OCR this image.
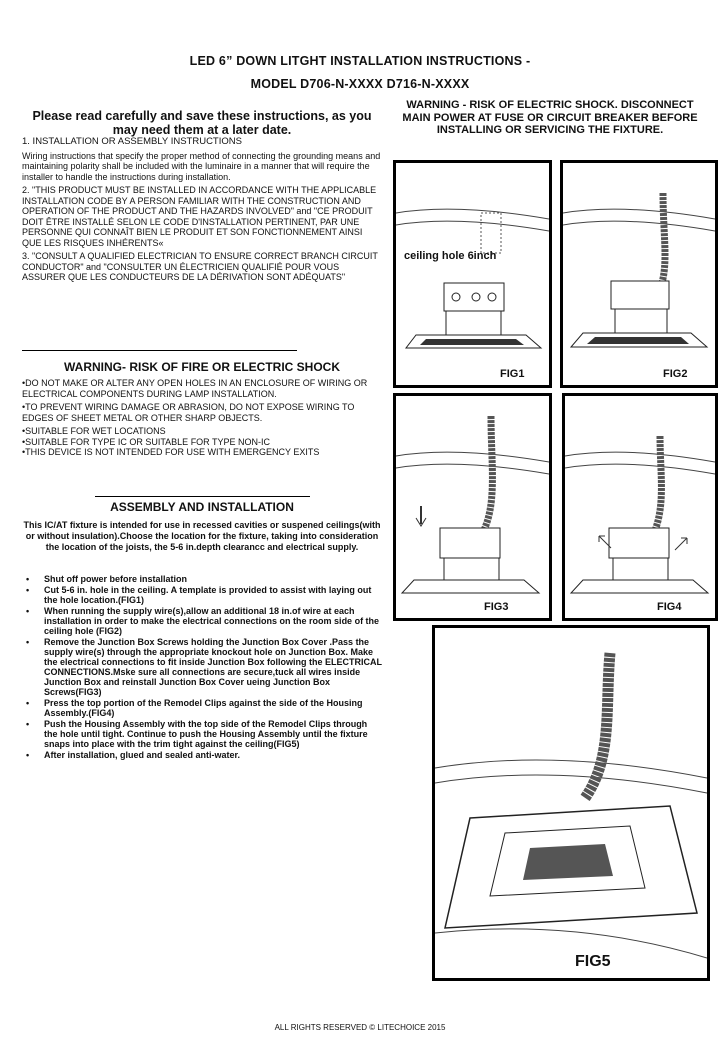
LED 6” DOWN LITGHT INSTALLATION INSTRUCTIONS -
MODEL D706-N-XXXX D716-N-XXXX
Please read carefully and save these instructions, as you may need them at a later date.

1. INSTALLATION OR ASSEMBLY INSTRUCTIONS

Wiring instructions that specify the proper method of connecting the grounding means and maintaining polarity shall be included with the luminaire in a manner that will require the installer to handle the instructions during installation.

2. "THIS PRODUCT MUST BE INSTALLED IN ACCORDANCE WITH THE APPLICABLE INSTALLATION CODE BY A PERSON FAMILIAR WITH THE CONSTRUCTION AND OPERATION OF THE PRODUCT AND THE HAZARDS INVOLVED" and "CE PRODUIT DOIT ÊTRE INSTALLÉ SELON LE CODE D'INSTALLATION PERTINENT, PAR UNE PERSONNE QUI CONNAÎT BIEN LE PRODUIT ET SON FONCTIONNEMENT AINSI QUE LES RISQUES INHÉRENTS«

3. "CONSULT A QUALIFIED ELECTRICIAN TO ENSURE CORRECT BRANCH CIRCUIT CONDUCTOR" and "CONSULTER UN ÉLECTRICIEN QUALIFIÉ POUR VOUS ASSURER QUE LES CONDUCTEURS DE LA DÉRIVATION SONT ADÉQUATS"

WARNING- RISK OF FIRE OR ELECTRIC SHOCK

•DO NOT MAKE OR ALTER ANY OPEN HOLES IN AN ENCLOSURE OF WIRING OR ELECTRICAL COMPONENTS DURING LAMP INSTALLATION.

•TO PREVENT WIRING DAMAGE OR ABRASION, DO NOT EXPOSE WIRING TO EDGES OF SHEET METAL OR OTHER SHARP OBJECTS.

•SUITABLE FOR WET LOCATIONS

•SUITABLE FOR TYPE IC OR SUITABLE FOR TYPE NON-IC

•THIS DEVICE IS NOT INTENDED FOR USE WITH EMERGENCY EXITS

ASSEMBLY AND INSTALLATION
This IC/AT fixture is intended for use in recessed cavities or suspened ceilings(with or without insulation).Choose the location for the fixture, taking into consideration the location of the joists, the 5-6 in.depth clearancc and electrical supply.
• Shut off power before installation
• Cut 5-6 in. hole in the ceiling. A template is provided to assist with laying out the hole location.(FIG1)
• When running the supply wire(s),allow an additional 18 in.of wire at each installation in order to make the electrical connections on the room side of the ceiling hole (FIG2)
• Remove the Junction Box Screws holding the Junction Box Cover .Pass the supply wire(s) through the appropriate knockout hole on Junction Box. Make the electrical connections to fit inside Junction Box following the ELECTRICAL CONNECTIONS.Mske sure all connections are secure,tuck all wires inside Junction Box and reinstall Junction Box Cover ueing Junction Box Screws(FIG3)
• Press the top portion of the Remodel Clips against the side of the Housing Assembly.(FIG4)
• Push the Housing Assembly with the top side of the Remodel Clips through the hole until tight. Continue to push the Housing Assembly until the fixture snaps into place with the trim tight against the ceiling(FIG5)
• After installation, glued and sealed anti-water.
WARNING - RISK OF ELECTRIC SHOCK. DISCONNECT MAIN POWER AT FUSE OR CIRCUIT BREAKER BEFORE INSTALLING OR SERVICING THE FIXTURE.
ceiling hole 6inch
FIG1	FIG2
FIG3	FIG4
FIG5
ALL RIGHTS RESERVED © LITECHOICE 2015
